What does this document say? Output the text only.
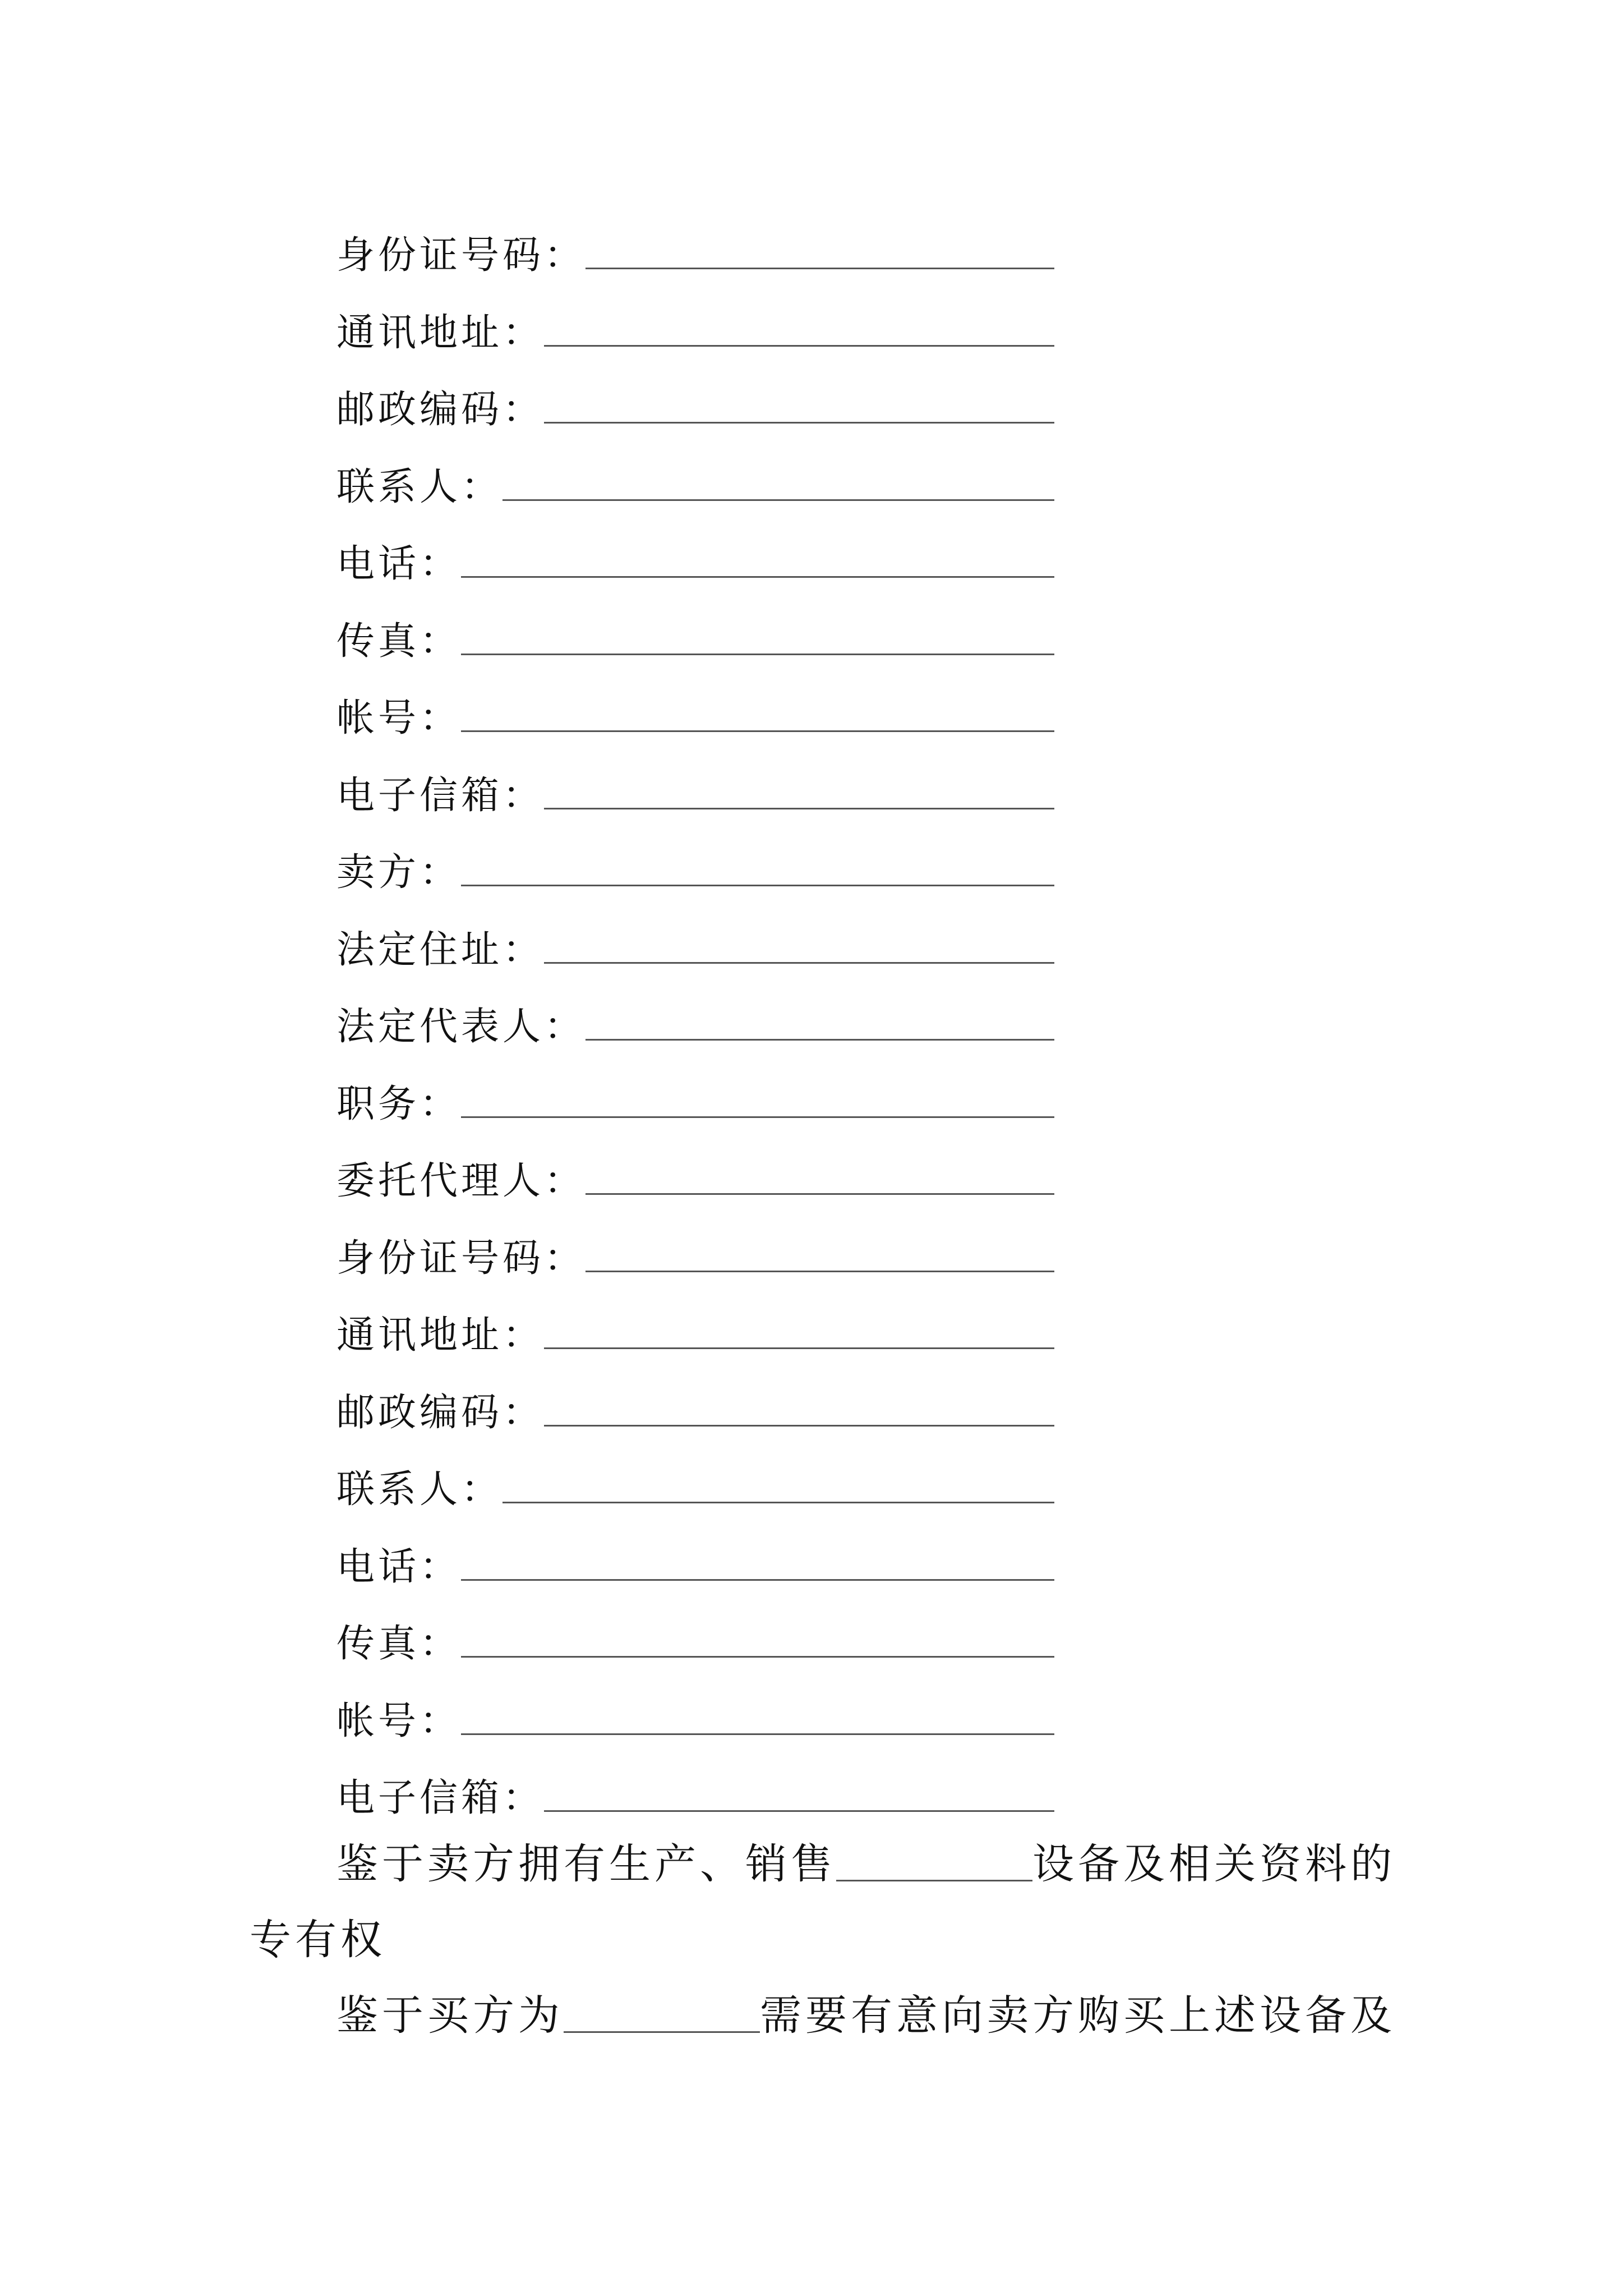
身份证号码：
通讯地址：
邮政编码：
联系人：
电话：
传真：
帐号：
电子信箱：
卖方：
法定住址：
法定代表人：
职务：
委托代理人：
身份证号码：
通讯地址：
邮政编码：
联系人：
电话：
传真：
帐号：
电子信箱：
鉴于卖方拥有生产、销售	设备及相关资料的
专有权
鉴于买方为	需要有意向卖方购买上述设备及
